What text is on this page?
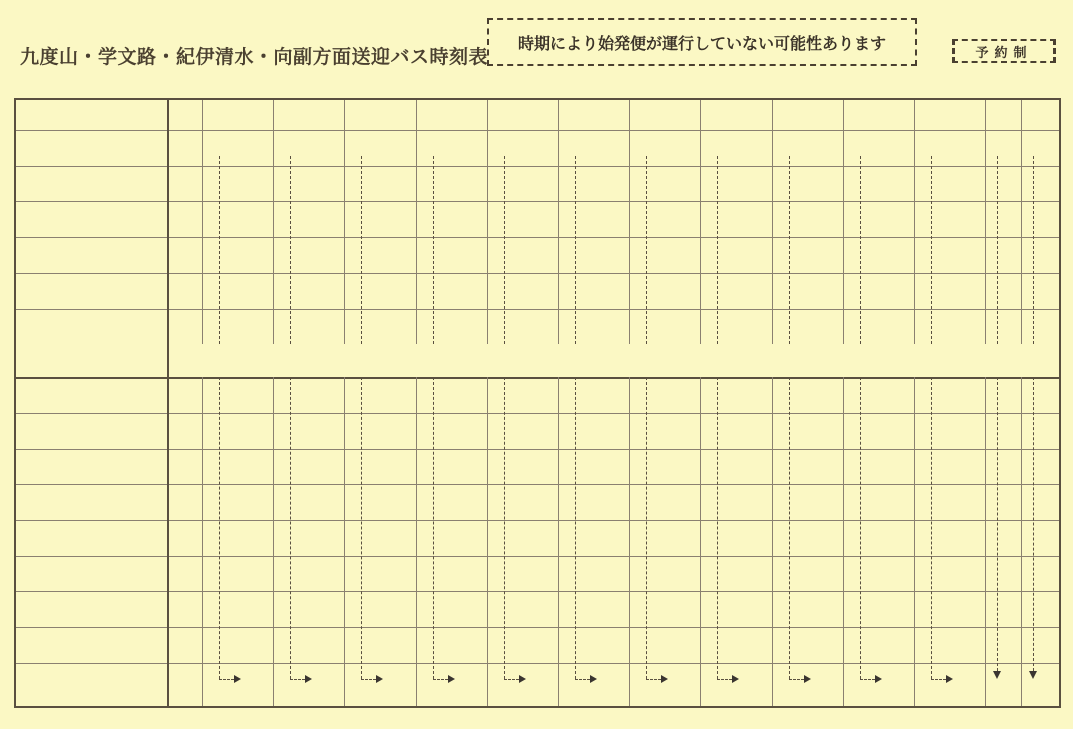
九度山・学文路・紀伊清水・向副方面送迎バス時刻表
時期により始発便が運行していない可能性あります
予約制
